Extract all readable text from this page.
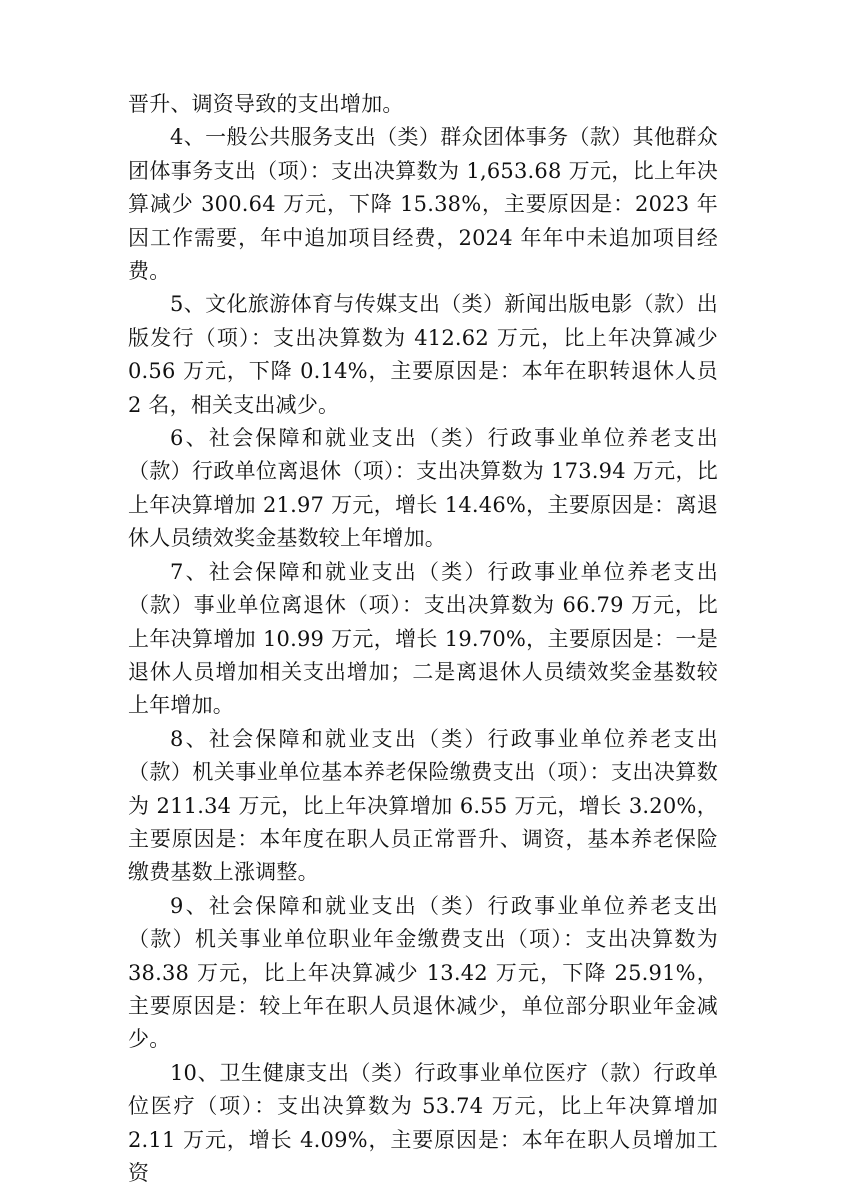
晋升、调资导致的支出增加。

4、一般公共服务支出（类）群众团体事务（款）其他群众团体事务支出（项）：支出决算数为 1,653.68 万元，比上年决算减少 300.64 万元，下降 15.38%，主要原因是：2023 年因工作需要，年中追加项目经费，2024 年年中未追加项目经费。

5、文化旅游体育与传媒支出（类）新闻出版电影（款）出版发行（项）：支出决算数为 412.62 万元，比上年决算减少 0.56 万元，下降 0.14%，主要原因是：本年在职转退休人员 2 名，相关支出减少。

6、社会保障和就业支出（类）行政事业单位养老支出（款）行政单位离退休（项）：支出决算数为 173.94 万元，比上年决算增加 21.97 万元，增长 14.46%，主要原因是：离退休人员绩效奖金基数较上年增加。

7、社会保障和就业支出（类）行政事业单位养老支出（款）事业单位离退休（项）：支出决算数为 66.79 万元，比上年决算增加 10.99 万元，增长 19.70%，主要原因是：一是退休人员增加相关支出增加；二是离退休人员绩效奖金基数较上年增加。

8、社会保障和就业支出（类）行政事业单位养老支出（款）机关事业单位基本养老保险缴费支出（项）：支出决算数为 211.34 万元，比上年决算增加 6.55 万元，增长 3.20%，主要原因是：本年度在职人员正常晋升、调资，基本养老保险缴费基数上涨调整。

9、社会保障和就业支出（类）行政事业单位养老支出（款）机关事业单位职业年金缴费支出（项）：支出决算数为 38.38 万元，比上年决算减少 13.42 万元，下降 25.91%，主要原因是：较上年在职人员退休减少，单位部分职业年金减少。

10、卫生健康支出（类）行政事业单位医疗（款）行政单位医疗（项）：支出决算数为 53.74 万元，比上年决算增加 2.11 万元，增长 4.09%，主要原因是：本年在职人员增加工资
